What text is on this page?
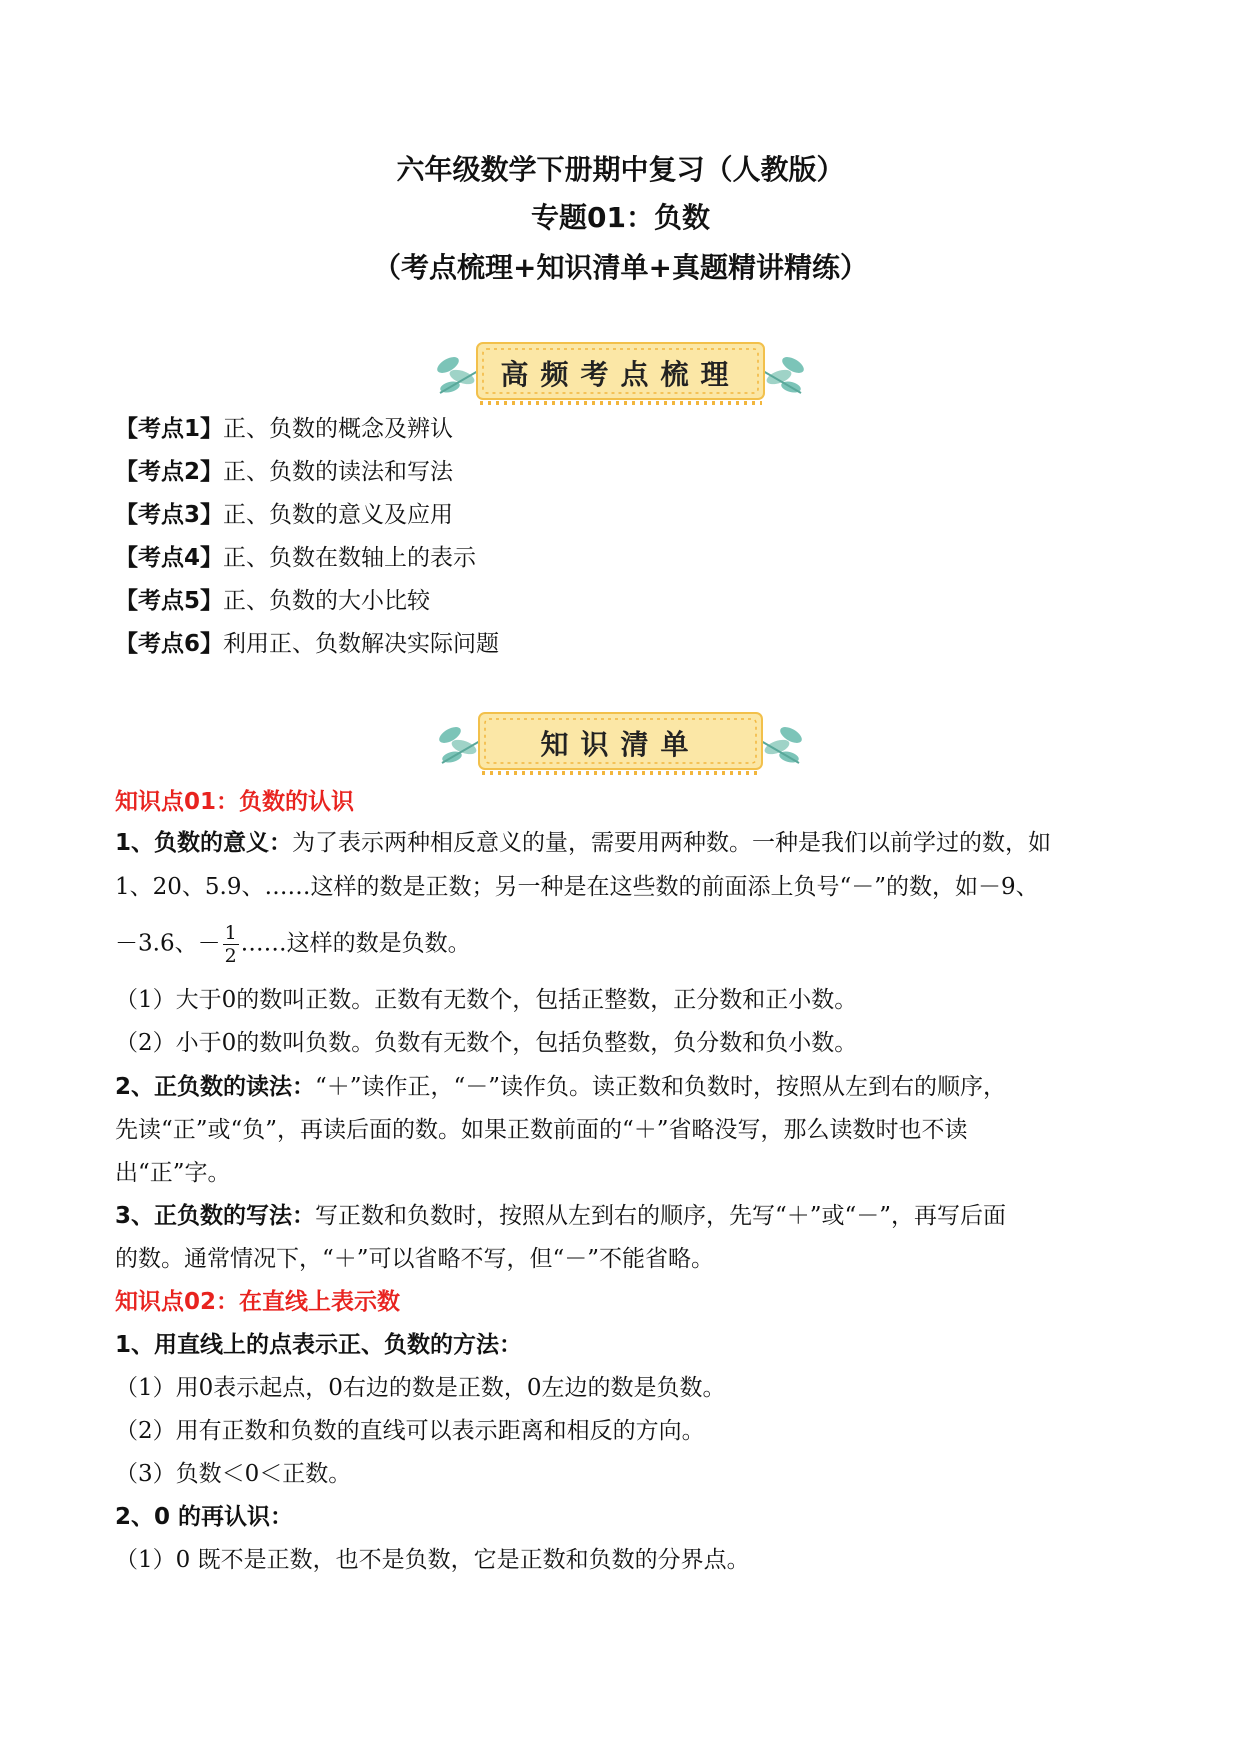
六年级数学下册期中复习（人教版）
专题01：负数
（考点梳理+知识清单+真题精讲精练）
高频考点梳理
【考点1】正、负数的概念及辨认
【考点2】正、负数的读法和写法
【考点3】正、负数的意义及应用
【考点4】正、负数在数轴上的表示
【考点5】正、负数的大小比较
【考点6】利用正、负数解决实际问题
知识清单
知识点01：负数的认识
1、负数的意义：为了表示两种相反意义的量，需要用两种数。一种是我们以前学过的数，如
1、20、5.9、……这样的数是正数；另一种是在这些数的前面添上负号“－”的数，如－9、
－3.6、－ $\frac{1}{2}$ ……这样的数是负数。
（1）大于0的数叫正数。正数有无数个，包括正整数，正分数和正小数。
（2）小于0的数叫负数。负数有无数个，包括负整数，负分数和负小数。
2、正负数的读法：“＋”读作正，“－”读作负。读正数和负数时，按照从左到右的顺序，
先读“正”或“负”，再读后面的数。如果正数前面的“＋”省略没写，那么读数时也不读
出“正”字。
3、正负数的写法：写正数和负数时，按照从左到右的顺序，先写“＋”或“－”，再写后面
的数。通常情况下，“＋”可以省略不写，但“－”不能省略。
知识点02：在直线上表示数
1、用直线上的点表示正、负数的方法：
（1）用0表示起点，0右边的数是正数，0左边的数是负数。
（2）用有正数和负数的直线可以表示距离和相反的方向。
（3）负数＜0＜正数。
2、0 的再认识：
（1）0 既不是正数，也不是负数，它是正数和负数的分界点。
